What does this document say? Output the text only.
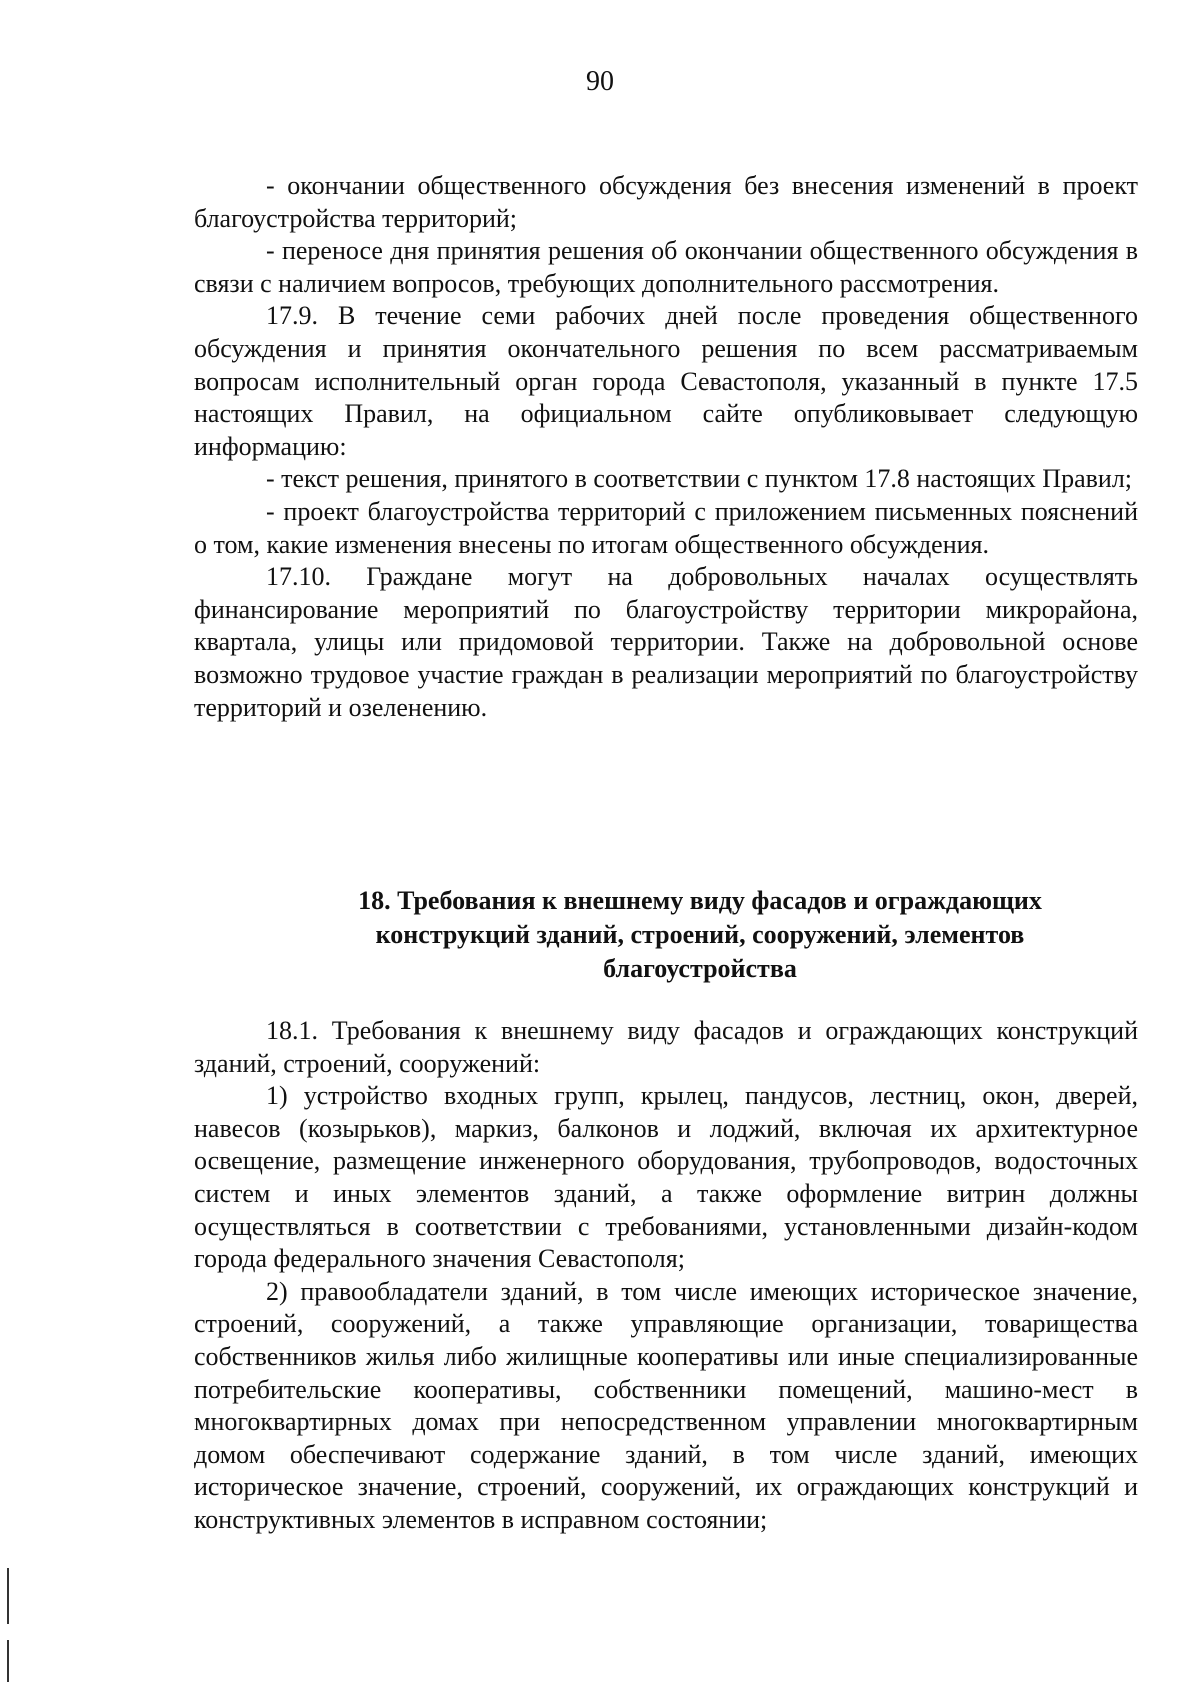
90

- окончании общественного обсуждения без внесения изменений в проект благоустройства территорий;

- переносе дня принятия решения об окончании общественного обсуждения в связи с наличием вопросов, требующих дополнительного рассмотрения.

17.9. В течение семи рабочих дней после проведения общественного обсуждения и принятия окончательного решения по всем рассматриваемым вопросам исполнительный орган города Севастополя, указанный в пункте 17.5 настоящих Правил, на официальном сайте опубликовывает следующую информацию:

- текст решения, принятого в соответствии с пунктом 17.8 настоящих Правил;

- проект благоустройства территорий с приложением письменных пояснений о том, какие изменения внесены по итогам общественного обсуждения.

17.10. Граждане могут на добровольных началах осуществлять финансирование мероприятий по благоустройству территории микрорайона, квартала, улицы или придомовой территории. Также на добровольной основе возможно трудовое участие граждан в реализации мероприятий по благоустройству территорий и озеленению.

18. Требования к внешнему виду фасадов и ограждающих конструкций зданий, строений, сооружений, элементов благоустройства

18.1. Требования к внешнему виду фасадов и ограждающих конструкций зданий, строений, сооружений:

1) устройство входных групп, крылец, пандусов, лестниц, окон, дверей, навесов (козырьков), маркиз, балконов и лоджий, включая их архитектурное освещение, размещение инженерного оборудования, трубопроводов, водосточных систем и иных элементов зданий, а также оформление витрин должны осуществляться в соответствии с требованиями, установленными дизайн-кодом города федерального значения Севастополя;

2) правообладатели зданий, в том числе имеющих историческое значение, строений, сооружений, а также управляющие организации, товарищества собственников жилья либо жилищные кооперативы или иные специализированные потребительские кооперативы, собственники помещений, машино-мест в многоквартирных домах при непосредственном управлении многоквартирным домом обеспечивают содержание зданий, в том числе зданий, имеющих историческое значение, строений, сооружений, их ограждающих конструкций и конструктивных элементов в исправном состоянии;
